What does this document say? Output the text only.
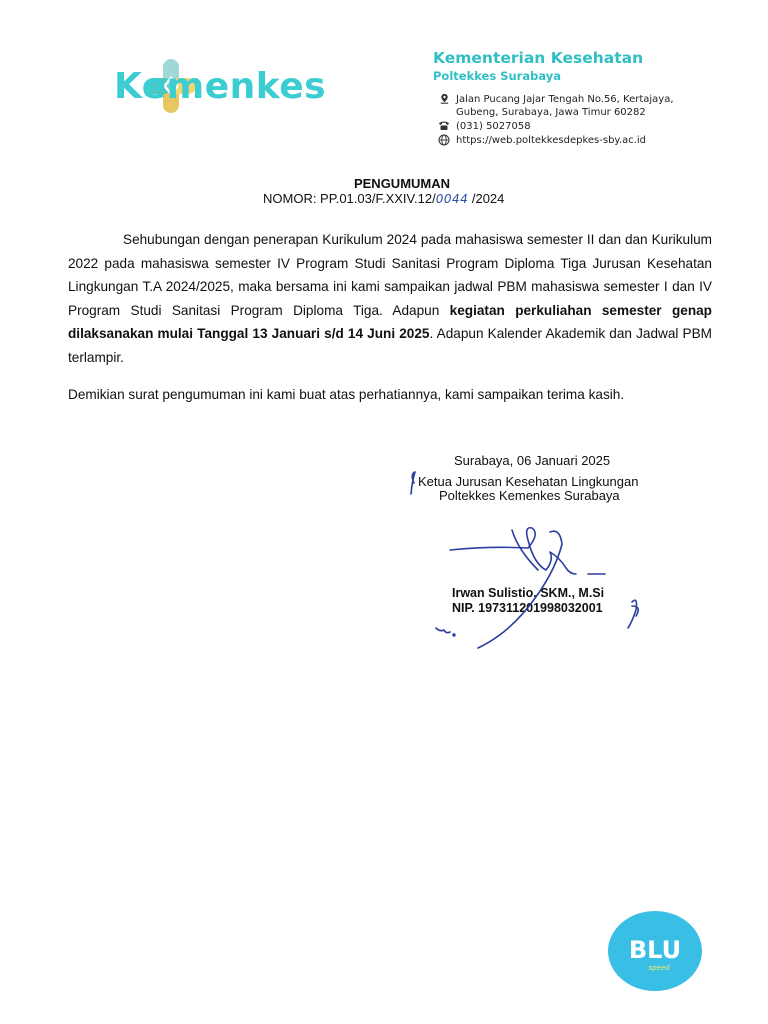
Kemenkes
Kementerian Kesehatan
Poltekkes Surabaya
Jalan Pucang Jajar Tengah No.56, Kertajaya,
Gubeng, Surabaya, Jawa Timur 60282
(031) 5027058
https://web.poltekkesdepkes-sby.ac.id
PENGUMUMAN
NOMOR: PP.01.03/F.XXIV.12/0044 /2024

Sehubungan dengan penerapan Kurikulum 2024 pada mahasiswa semester II dan dan Kurikulum 2022 pada mahasiswa semester IV Program Studi Sanitasi Program Diploma Tiga Jurusan Kesehatan Lingkungan T.A 2024/2025, maka bersama ini kami sampaikan jadwal PBM mahasiswa semester I dan IV Program Studi Sanitasi Program Diploma Tiga. Adapun kegiatan perkuliahan semester genap dilaksanakan mulai Tanggal 13 Januari s/d 14 Juni 2025. Adapun Kalender Akademik dan Jadwal PBM terlampir.

Demikian surat pengumuman ini kami buat atas perhatiannya, kami sampaikan terima kasih.
Surabaya, 06 Januari 2025
Ketua Jurusan Kesehatan Lingkungan
Poltekkes Kemenkes Surabaya
Irwan Sulistio, SKM., M.Si
NIP. 197311201998032001
BLU
speed
